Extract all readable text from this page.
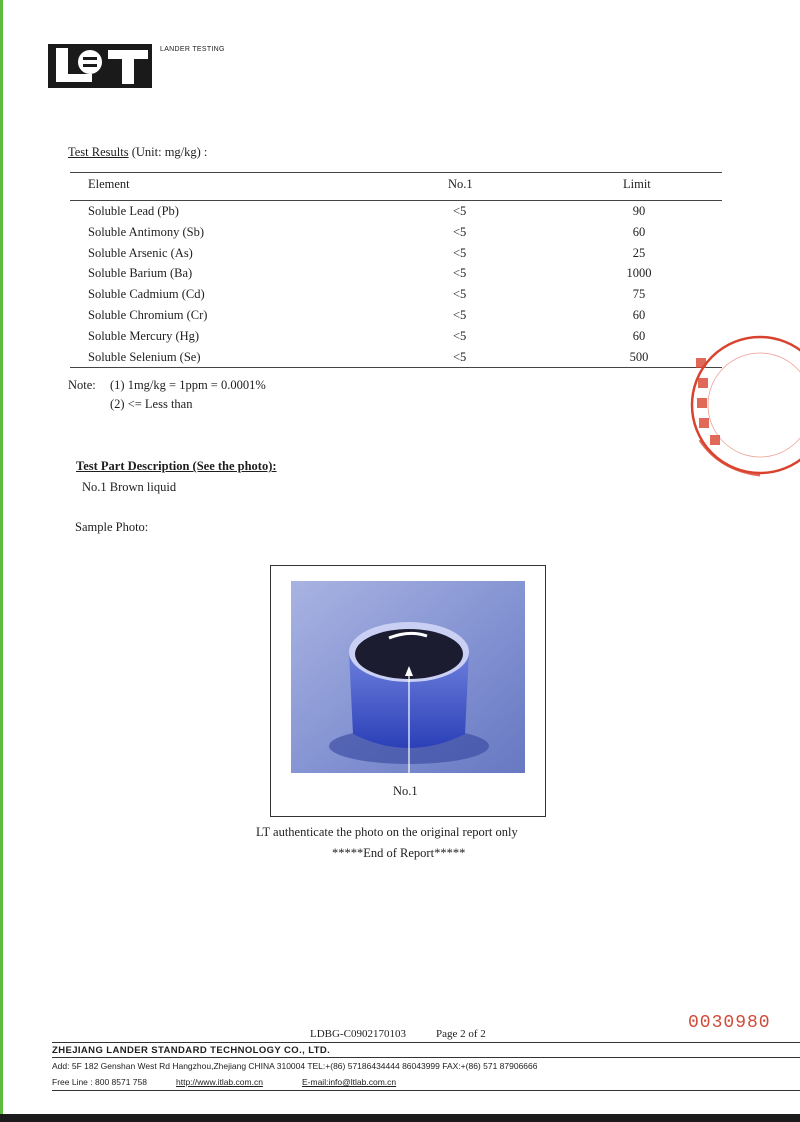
LANDER TESTING
Test Results (Unit: mg/kg) :
Element	No.1	Limit
Soluble Lead (Pb)	<5	90
Soluble Antimony (Sb)	<5	60
Soluble Arsenic (As)	<5	25
Soluble Barium (Ba)	<5	1000
Soluble Cadmium (Cd)	<5	75
Soluble Chromium (Cr)	<5	60
Soluble Mercury (Hg)	<5	60
Soluble Selenium (Se)	<5	500
Note: (1) 1mg/kg = 1ppm = 0.0001%
(2) <= Less than
Test Part Description (See the photo):
No.1 Brown liquid
Sample Photo:
No.1
LT authenticate the photo on the original report only
*****End of Report*****
0030980
LDBG-C0902170103	Page 2 of 2
ZHEJIANG LANDER STANDARD TECHNOLOGY CO., LTD.
Add: 5F 182 Genshan West Rd Hangzhou,Zhejiang CHINA 310004 TEL:+(86) 57186434444 86043999 FAX:+(86) 571 87906666
Free Line : 800 8571 758	http://www.itlab.com.cn	E-mail:info@ltlab.com.cn
